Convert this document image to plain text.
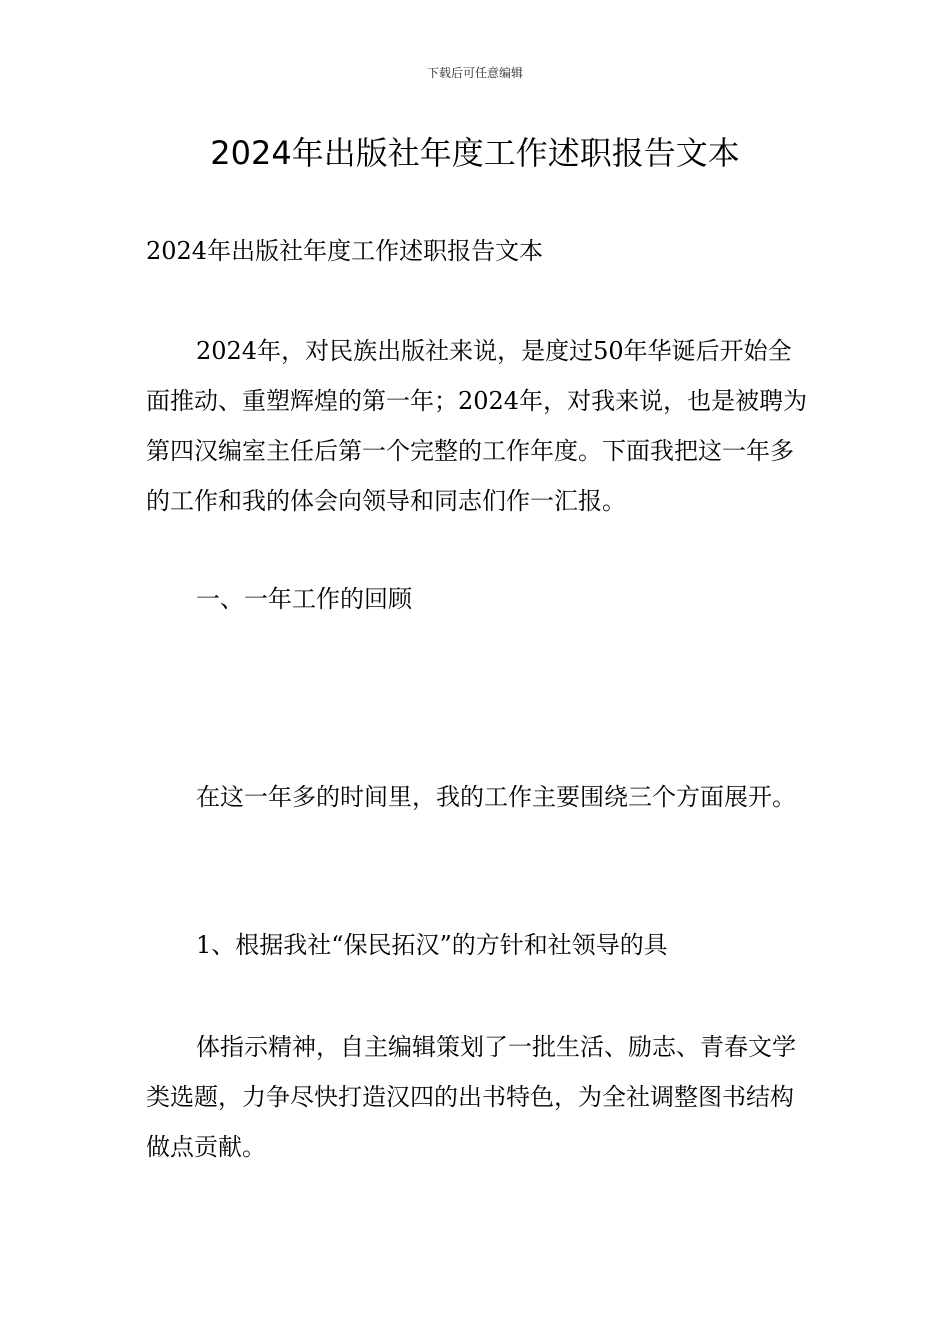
下载后可任意编辑
2024年出版社年度工作述职报告文本

2024年出版社年度工作述职报告文本

2024年，对民族出版社来说，是度过50年华诞后开始全面推动、重塑辉煌的第一年；2024年，对我来说，也是被聘为第四汉编室主任后第一个完整的工作年度。下面我把这一年多的工作和我的体会向领导和同志们作一汇报。

一、一年工作的回顾

在这一年多的时间里，我的工作主要围绕三个方面展开。

1、根据我社“保民拓汉”的方针和社领导的具

体指示精神，自主编辑策划了一批生活、励志、青春文学类选题，力争尽快打造汉四的出书特色，为全社调整图书结构做点贡献。
